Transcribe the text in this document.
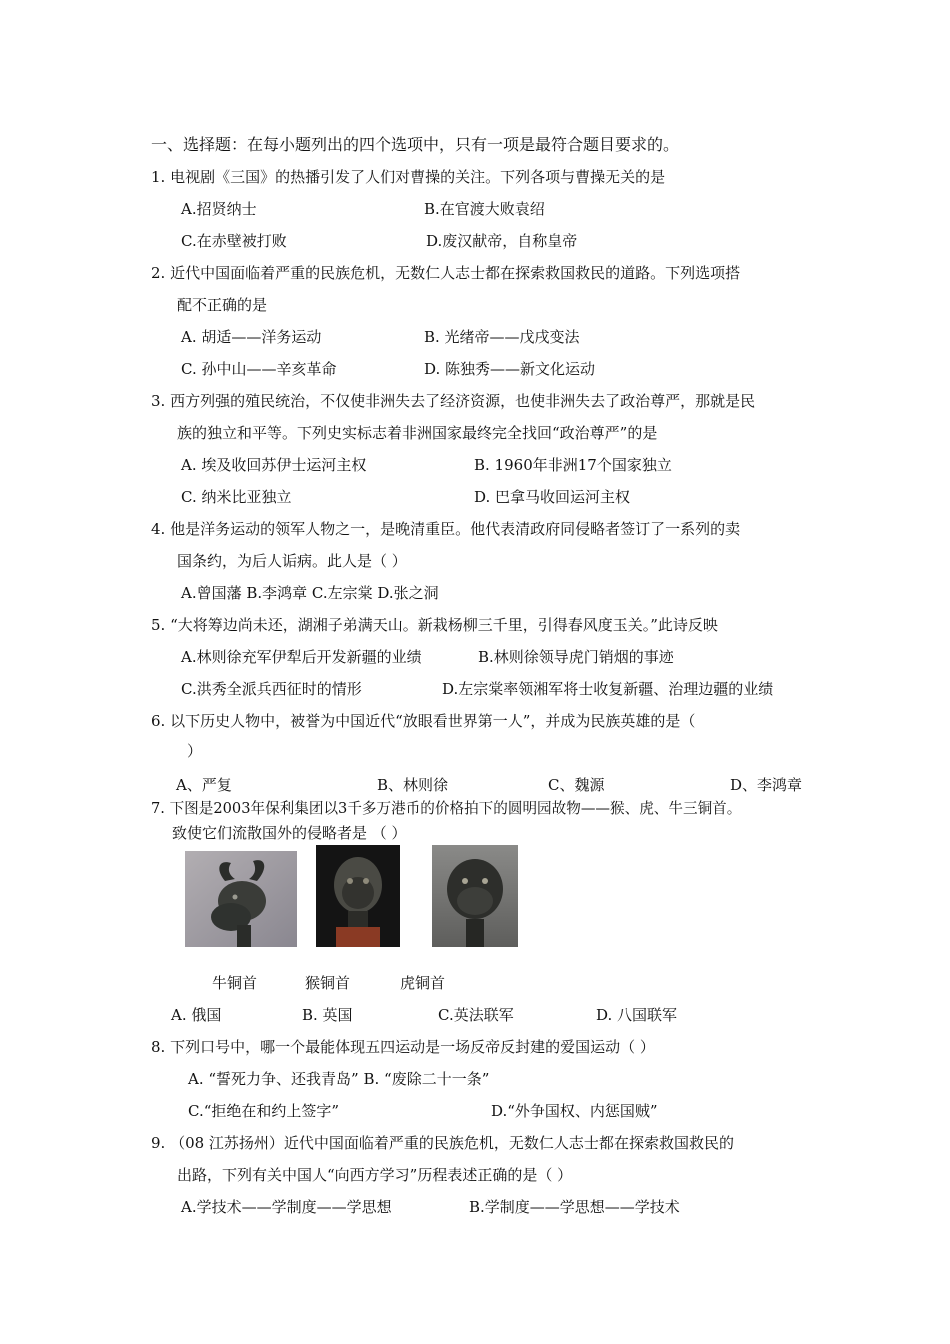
一、选择题：在每小题列出的四个选项中，只有一项是最符合题目要求的。
1. 电视剧《三国》的热播引发了人们对曹操的关注。下列各项与曹操无关的是
A.招贤纳士	B.在官渡大败袁绍
C.在赤壁被打败	D.废汉献帝，自称皇帝
2. 近代中国面临着严重的民族危机，无数仁人志士都在探索救国救民的道路。下列选项搭
配不正确的是
A. 胡适——洋务运动	B. 光绪帝——戊戌变法
C. 孙中山——辛亥革命	D. 陈独秀——新文化运动
3. 西方列强的殖民统治，不仅使非洲失去了经济资源，也使非洲失去了政治尊严，那就是民
族的独立和平等。下列史实标志着非洲国家最终完全找回“政治尊严”的是
A. 埃及收回苏伊士运河主权	B. 1960年非洲17个国家独立
C. 纳米比亚独立	D. 巴拿马收回运河主权
4. 他是洋务运动的领军人物之一，是晚清重臣。他代表清政府同侵略者签订了一系列的卖
国条约，为后人诟病。此人是（ ）
A.曾国藩 B.李鸿章 C.左宗棠 D.张之洞
5. “大将筹边尚未还，湖湘子弟满天山。新栽杨柳三千里，引得春风度玉关。”此诗反映
A.林则徐充军伊犁后开发新疆的业绩	B.林则徐领导虎门销烟的事迹
C.洪秀全派兵西征时的情形	D.左宗棠率领湘军将士收复新疆、治理边疆的业绩
6. 以下历史人物中，被誉为中国近代“放眼看世界第一人”，并成为民族英雄的是（
）
A、严复	B、林则徐	C、魏源	D、李鸿章
7. 下图是2003年保利集团以3千多万港币的价格拍下的圆明园故物——猴、虎、牛三铜首。
致使它们流散国外的侵略者是 （ ）
牛铜首	猴铜首	虎铜首
A. 俄国	B. 英国	C.英法联军	D. 八国联军
8. 下列口号中，哪一个最能体现五四运动是一场反帝反封建的爱国运动（ ）
A. “誓死力争、还我青岛” B. “废除二十一条”
C.“拒绝在和约上签字”	D.“外争国权、内惩国贼”
9. （08 江苏扬州）近代中国面临着严重的民族危机，无数仁人志士都在探索救国救民的
出路，下列有关中国人“向西方学习”历程表述正确的是（ ）
A.学技术——学制度——学思想	B.学制度——学思想——学技术
